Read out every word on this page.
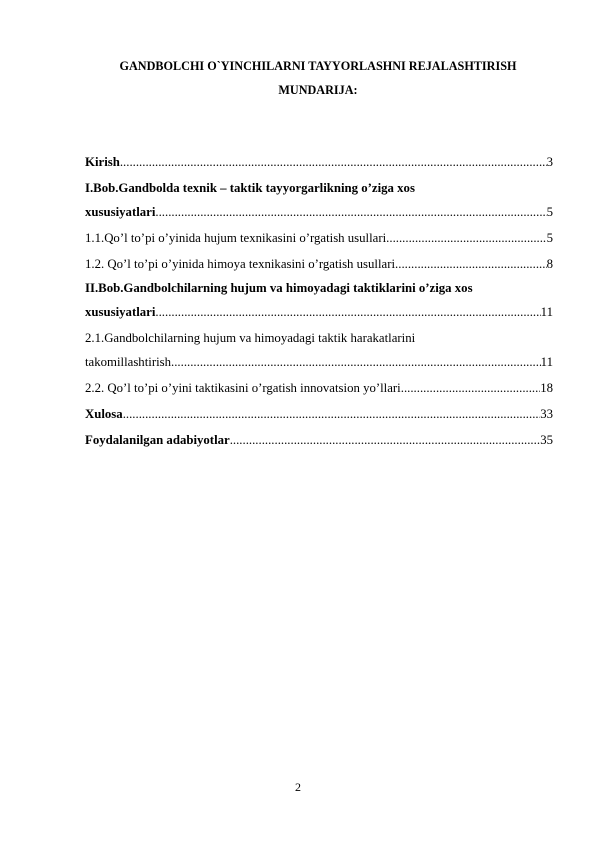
GANDBOLCHI O`YINCHILARNI TAYYORLASHNI REJALASHTIRISH
MUNDARIJA:
Kirish .....	3
I.Bob.Gandbolda texnik – taktik tayyorgarlikning o’ziga xos
xususiyatlari .....	5
1.1.Qo’l to’pi o’yinida hujum texnikasini o’rgatish usullari .....	5
1.2. Qo’l to’pi o’yinida himoya texnikasini o’rgatish usullari .....	8
II.Bob.Gandbolchilarning hujum va himoyadagi taktiklarini o’ziga xos
xususiyatlari .....	11
2.1.Gandbolchilarning hujum va himoyadagi taktik harakatlarini
takomillashtirish .....	11
2.2. Qo’l to’pi o’yini taktikasini o’rgatish innovatsion yo’llari .....	18
Xulosa .....	33
Foydalanilgan adabiyotlar .....	35
2
